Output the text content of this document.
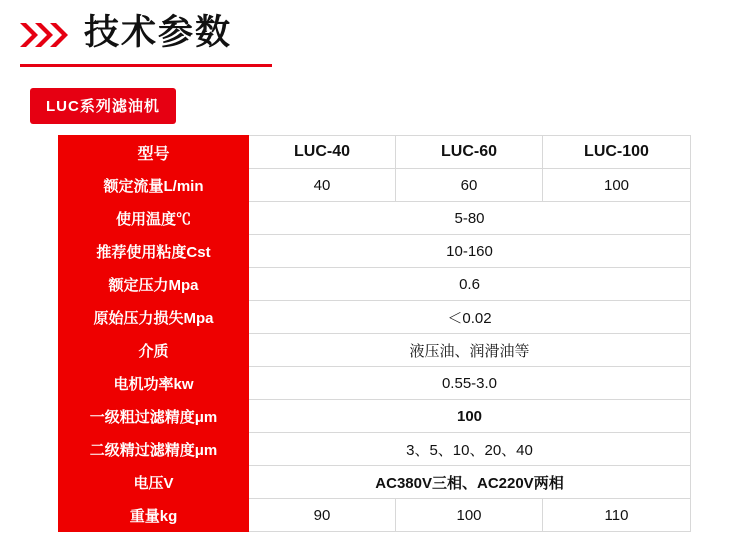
技术参数
LUC系列滤油机
型号	LUC-40	LUC-60	LUC-100
额定流量L/min	40	60	100
使用温度℃	5-80		
推荐使用粘度Cst	10-160		
额定压力Mpa	0.6		
原始压力损失Mpa	＜0.02		
介质	液压油、润滑油等		
电机功率kw	0.55-3.0		
一级粗过滤精度μm	100		
二级精过滤精度μm	3、5、10、20、40		
电压V	AC380V三相、AC220V两相		
重量kg	90	100	110
